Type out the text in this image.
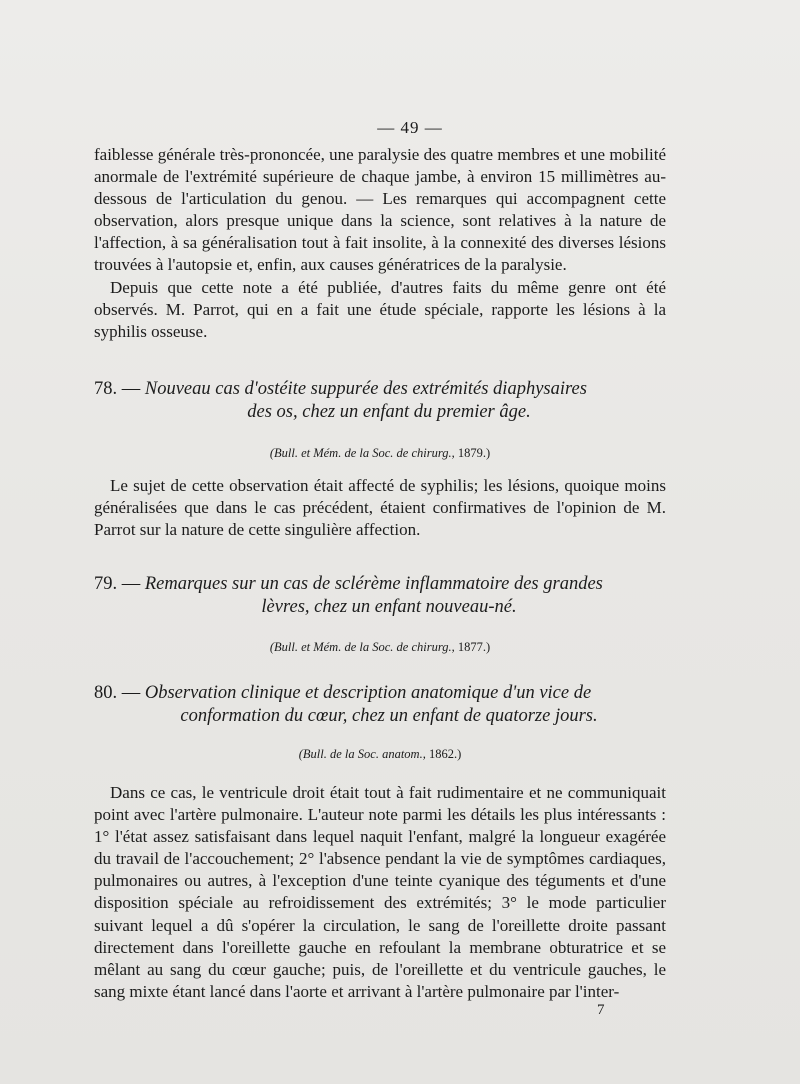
— 49 —

faiblesse générale très-prononcée, une paralysie des quatre membres et une mobilité anormale de l'extrémité supérieure de chaque jambe, à environ 15 millimètres au-dessous de l'articulation du genou. — Les remarques qui accompagnent cette observation, alors presque unique dans la science, sont relatives à la nature de l'affection, à sa généralisation tout à fait insolite, à la connexité des diverses lésions trouvées à l'autopsie et, enfin, aux causes génératrices de la paralysie.

Depuis que cette note a été publiée, d'autres faits du même genre ont été observés. M. Parrot, qui en a fait une étude spéciale, rapporte les lésions à la syphilis osseuse.

78. — Nouveau cas d'ostéite suppurée des extrémités diaphysaires
des os, chez un enfant du premier âge.
(Bull. et Mém. de la Soc. de chirurg., 1879.)

Le sujet de cette observation était affecté de syphilis; les lésions, quoique moins généralisées que dans le cas précédent, étaient confirmatives de l'opinion de M. Parrot sur la nature de cette singulière affection.

79. — Remarques sur un cas de sclérème inflammatoire des grandes
lèvres, chez un enfant nouveau-né.
(Bull. et Mém. de la Soc. de chirurg., 1877.)
80. — Observation clinique et description anatomique d'un vice de
conformation du cœur, chez un enfant de quatorze jours.
(Bull. de la Soc. anatom., 1862.)

Dans ce cas, le ventricule droit était tout à fait rudimentaire et ne communiquait point avec l'artère pulmonaire. L'auteur note parmi les détails les plus intéressants : 1° l'état assez satisfaisant dans lequel naquit l'enfant, malgré la longueur exagérée du travail de l'accouchement; 2° l'absence pendant la vie de symptômes cardiaques, pulmonaires ou autres, à l'exception d'une teinte cyanique des téguments et d'une disposition spéciale au refroidissement des extrémités; 3° le mode particulier suivant lequel a dû s'opérer la circulation, le sang de l'oreillette droite passant directement dans l'oreillette gauche en refoulant la membrane obturatrice et se mêlant au sang du cœur gauche; puis, de l'oreillette et du ventricule gauches, le sang mixte étant lancé dans l'aorte et arrivant à l'artère pulmonaire par l'inter-

7
